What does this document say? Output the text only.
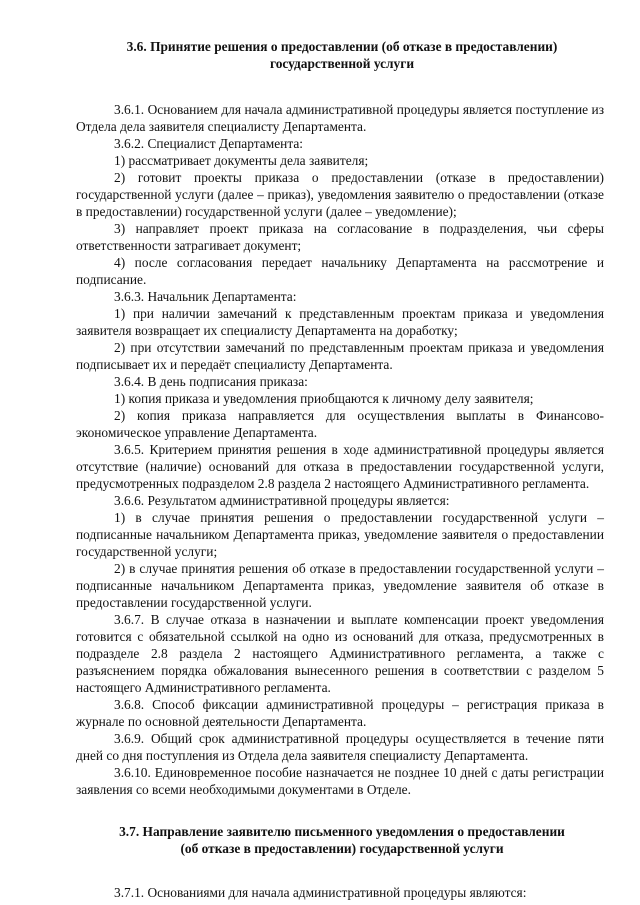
3.6. Принятие решения о предоставлении (об отказе в предоставлении)
государственной услуги

3.6.1. Основанием для начала административной процедуры является поступление из Отдела дела заявителя специалисту Департамента.

3.6.2. Специалист Департамента:

1) рассматривает документы дела заявителя;

2) готовит проекты приказа о предоставлении (отказе в предоставлении) государственной услуги (далее – приказ), уведомления заявителю о предоставлении (отказе в предоставлении) государственной услуги (далее – уведомление);

3) направляет проект приказа на согласование в подразделения, чьи сферы ответственности затрагивает документ;

4) после согласования передает начальнику Департамента на рассмотрение и подписание.

3.6.3. Начальник Департамента:

1) при наличии замечаний к представленным проектам приказа и уведомления заявителя возвращает их специалисту Департамента на доработку;

2) при отсутствии замечаний по представленным проектам приказа и уведомления подписывает их и передаёт специалисту Департамента.

3.6.4. В день подписания приказа:

1) копия приказа и уведомления приобщаются к личному делу заявителя;

2) копия приказа направляется для осуществления выплаты в Финансово-экономическое управление Департамента.

3.6.5. Критерием принятия решения в ходе административной процедуры является отсутствие (наличие) оснований для отказа в предоставлении государственной услуги, предусмотренных подразделом 2.8 раздела 2 настоящего Административного регламента.

3.6.6. Результатом административной процедуры является:

1) в случае принятия решения о предоставлении государственной услуги – подписанные начальником Департамента приказ, уведомление заявителя о предоставлении государственной услуги;

2) в случае принятия решения об отказе в предоставлении государственной услуги – подписанные начальником Департамента приказ, уведомление заявителя об отказе в предоставлении государственной услуги.

3.6.7. В случае отказа в назначении и выплате компенсации проект уведомления готовится с обязательной ссылкой на одно из оснований для отказа, предусмотренных в подразделе 2.8 раздела 2 настоящего Административного регламента, а также с разъяснением порядка обжалования вынесенного решения в соответствии с разделом 5 настоящего Административного регламента.

3.6.8. Способ фиксации административной процедуры – регистрация приказа в журнале по основной деятельности Департамента.

3.6.9. Общий срок административной процедуры осуществляется в течение пяти дней со дня поступления из Отдела дела заявителя специалисту Департамента.

3.6.10. Единовременное пособие назначается не позднее 10 дней с даты регистрации заявления со всеми необходимыми документами в Отделе.

3.7. Направление заявителю письменного уведомления о предоставлении
(об отказе в предоставлении) государственной услуги

3.7.1. Основаниями для начала административной процедуры являются:
